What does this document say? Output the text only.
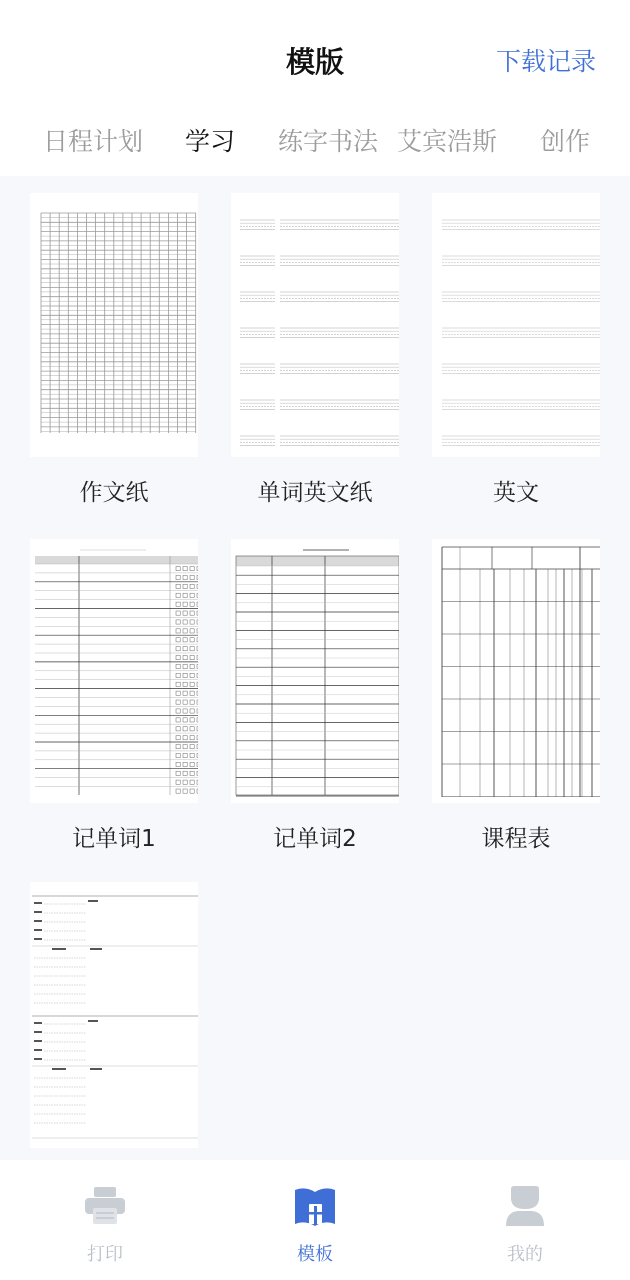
模版	下载记录
日程计划 学习 练字书法 艾宾浩斯 创作
作文纸	单词英文纸	英文
记单词1	记单词2	课程表
打印	模板	我的
